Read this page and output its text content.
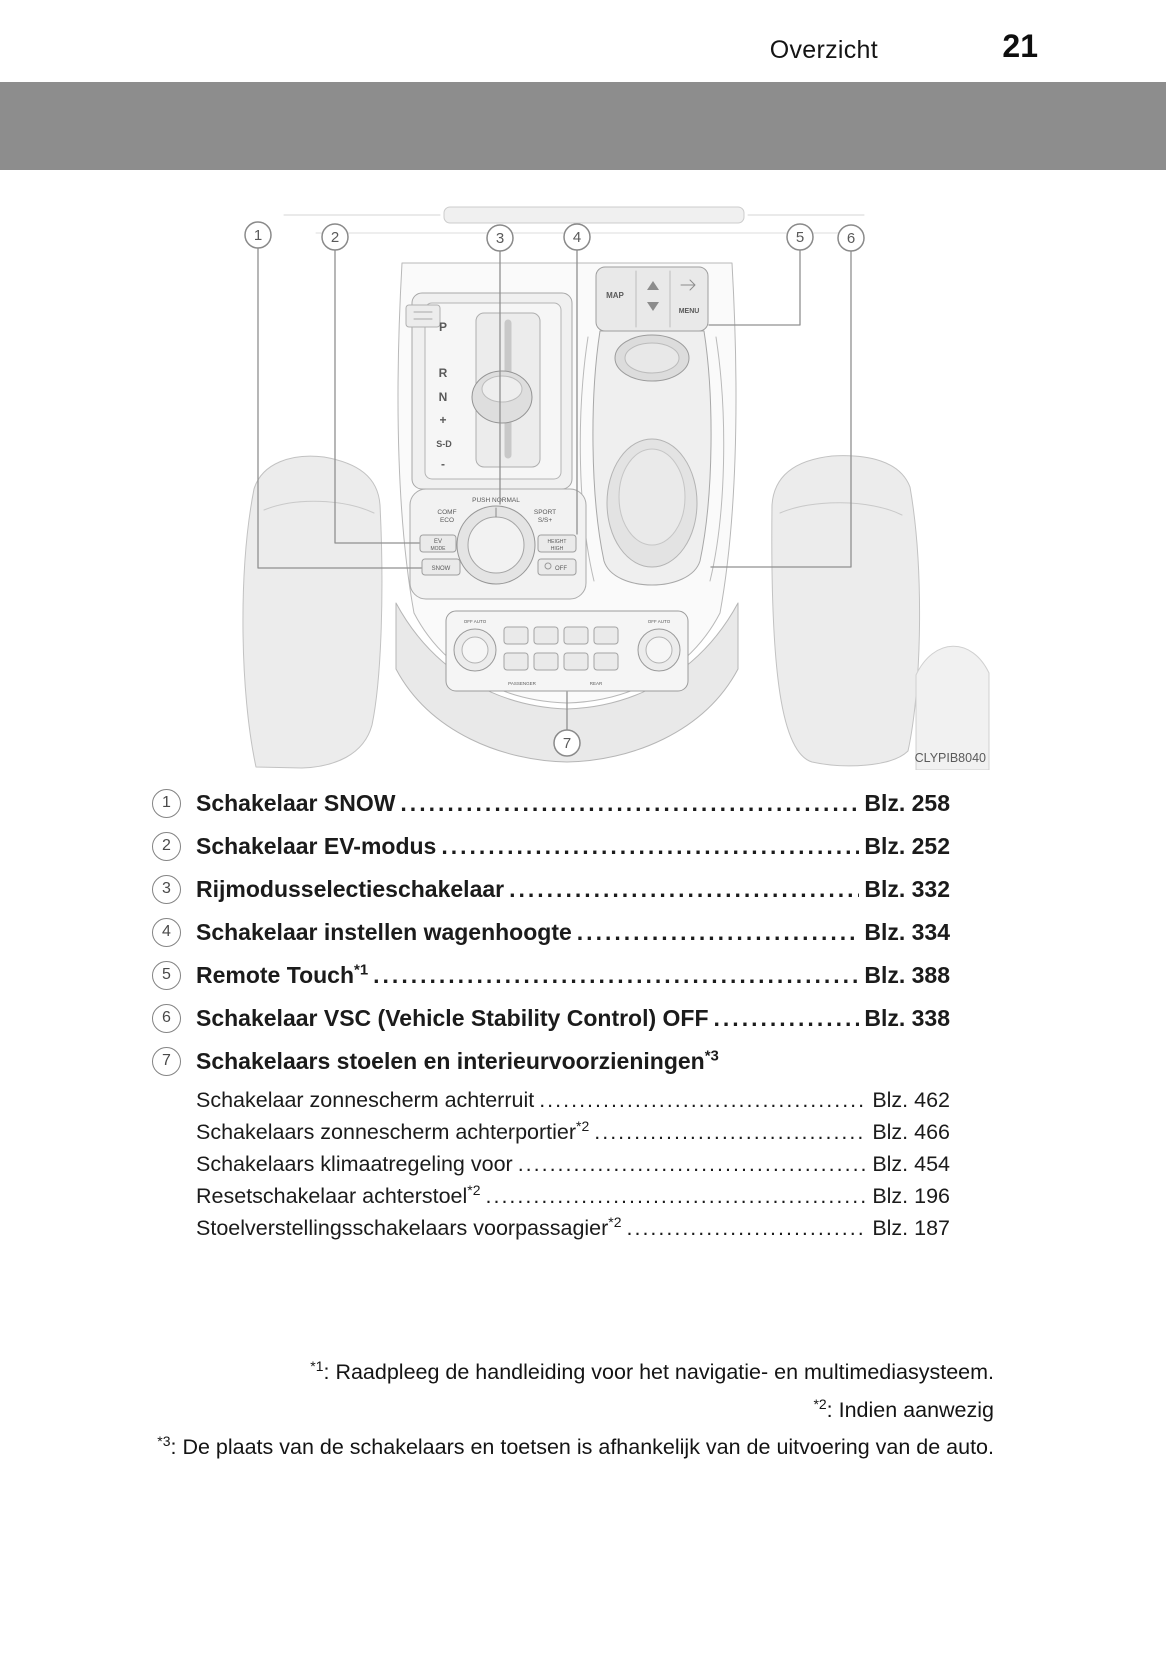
Overzicht	21
P
R
N
+
S-D
-
MAP
MENU
PUSH NORMAL
COMF
ECO
SPORT
S/S+
EV
MODE
SNOW
HEIGHT
HIGH
OFF
OFF AUTO	OFF AUTO
PASSENGER	REAR
1	2	3	4	5	6
7
CLYPIB8040
1 Schakelaar SNOW .....	Blz. 258
2 Schakelaar EV-modus .....	Blz. 252
3 Rijmodusselectieschakelaar .....	Blz. 332
4 Schakelaar instellen wagenhoogte .....	Blz. 334
5 Remote Touch$^{*1}$ .....	Blz. 388
6 Schakelaar VSC (Vehicle Stability Control) OFF .....	Blz. 338
7 Schakelaars stoelen en interieurvoorzieningen$^{*3}$
Schakelaar zonnescherm achterruit .....	Blz. 462
Schakelaars zonnescherm achterportier$^{*2}$ .....	Blz. 466
Schakelaars klimaatregeling voor .....	Blz. 454
Resetschakelaar achterstoel$^{*2}$ .....	Blz. 196
Stoelverstellingsschakelaars voorpassagier$^{*2}$ .....	Blz. 187
$^{*1}$: Raadpleeg de handleiding voor het navigatie- en multimediasysteem.
$^{*2}$: Indien aanwezig
$^{*3}$: De plaats van de schakelaars en toetsen is afhankelijk van de uitvoering van de auto.
